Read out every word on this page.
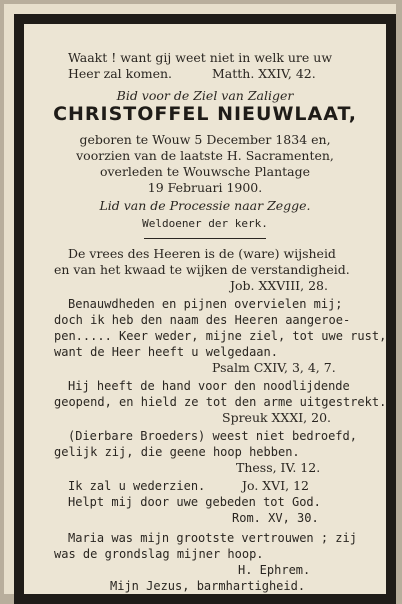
Waakt ! want gij weet niet in welk ure uw
Heer zal komen.	Matth. XXIV, 42.
Bid voor de Ziel van Zaliger
CHRISTOFFEL NIEUWLAAT,
geboren te Wouw 5 December 1834 en,
voorzien van de laatste H. Sacramenten,
overleden te Wouwsche Plantage
19 Februari 1900.
Lid van de Processie naar Zegge.
Weldoener der kerk.
De vrees des Heeren is de (ware) wijsheid
en van het kwaad te wijken de verstandigheid.
Job. XXVIII, 28.
Benauwdheden en pijnen overvielen mij;
doch ik heb den naam des Heeren aangeroe-
pen..... Keer weder, mijne ziel, tot uwe rust,
want de Heer heeft u welgedaan.
Psalm CXIV, 3, 4, 7.
Hij heeft de hand voor den noodlijdende
geopend, en hield ze tot den arme uitgestrekt.
Spreuk XXXI, 20.
(Dierbare Broeders) weest niet bedroefd,
gelijk zij, die geene hoop hebben.
Thess, IV. 12.
Ik zal u wederzien.	Jo. XVI, 12
Helpt mij door uwe gebeden tot God.
Rom. XV, 30.
Maria was mijn grootste vertrouwen ; zij
was de grondslag mijner hoop.
H. Ephrem.
Mijn Jezus, barmhartigheid.
